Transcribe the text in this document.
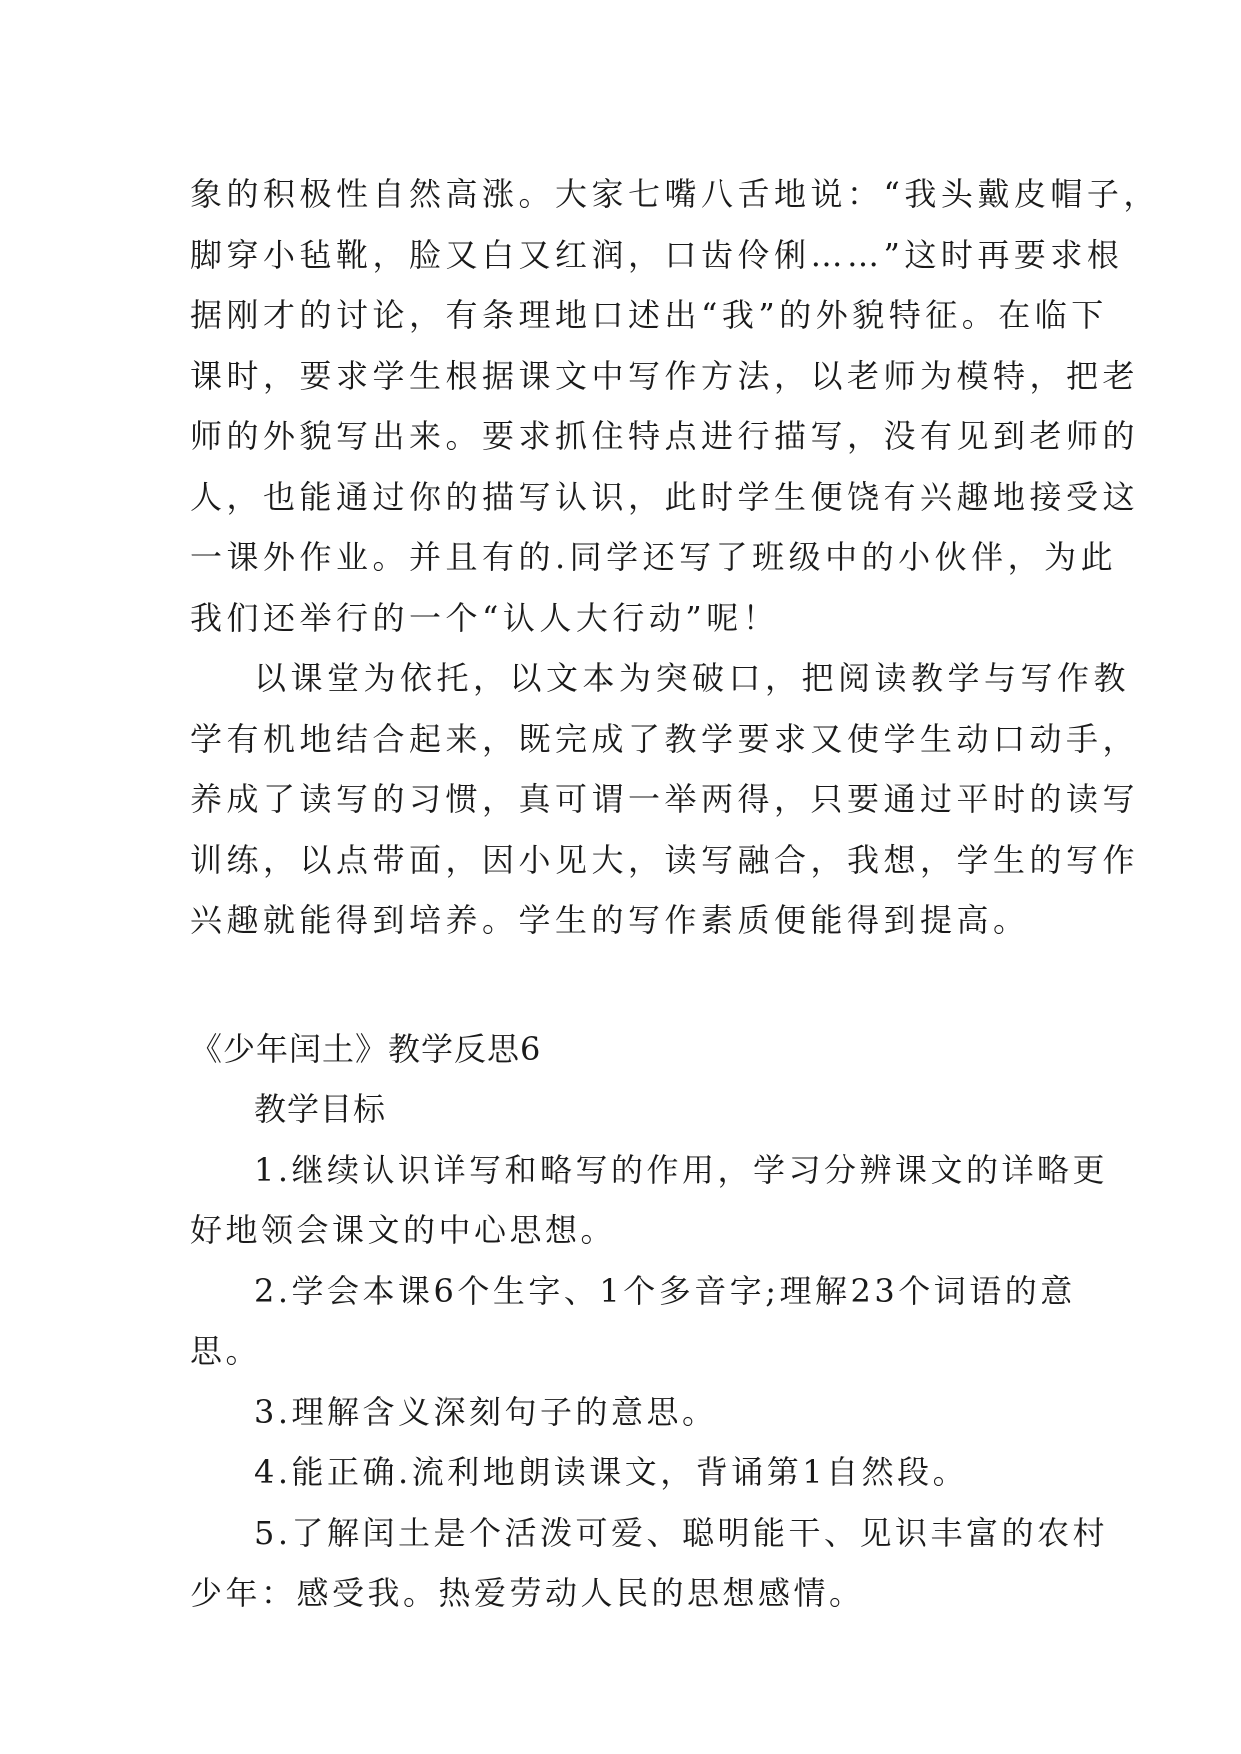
象的积极性自然高涨。大家七嘴八舌地说：“我头戴皮帽子，
脚穿小毡靴，脸又白又红润，口齿伶俐……”这时再要求根
据刚才的讨论，有条理地口述出“我”的外貌特征。在临下
课时，要求学生根据课文中写作方法，以老师为模特，把老
师的外貌写出来。要求抓住特点进行描写，没有见到老师的
人，也能通过你的描写认识，此时学生便饶有兴趣地接受这
一课外作业。并且有的.同学还写了班级中的小伙伴，为此
我们还举行的一个“认人大行动”呢！
以课堂为依托，以文本为突破口，把阅读教学与写作教
学有机地结合起来，既完成了教学要求又使学生动口动手，
养成了读写的习惯，真可谓一举两得，只要通过平时的读写
训练，以点带面，因小见大，读写融合，我想，学生的写作
兴趣就能得到培养。学生的写作素质便能得到提高。
《少年闰土》教学反思6
教学目标
1.继续认识详写和略写的作用，学习分辨课文的详略更
好地领会课文的中心思想。
2.学会本课6个生字、1个多音字;理解23个词语的意
思。
3.理解含义深刻句子的意思。
4.能正确.流利地朗读课文，背诵第1自然段。
5.了解闰土是个活泼可爱、聪明能干、见识丰富的农村
少年：感受我。热爱劳动人民的思想感情。
